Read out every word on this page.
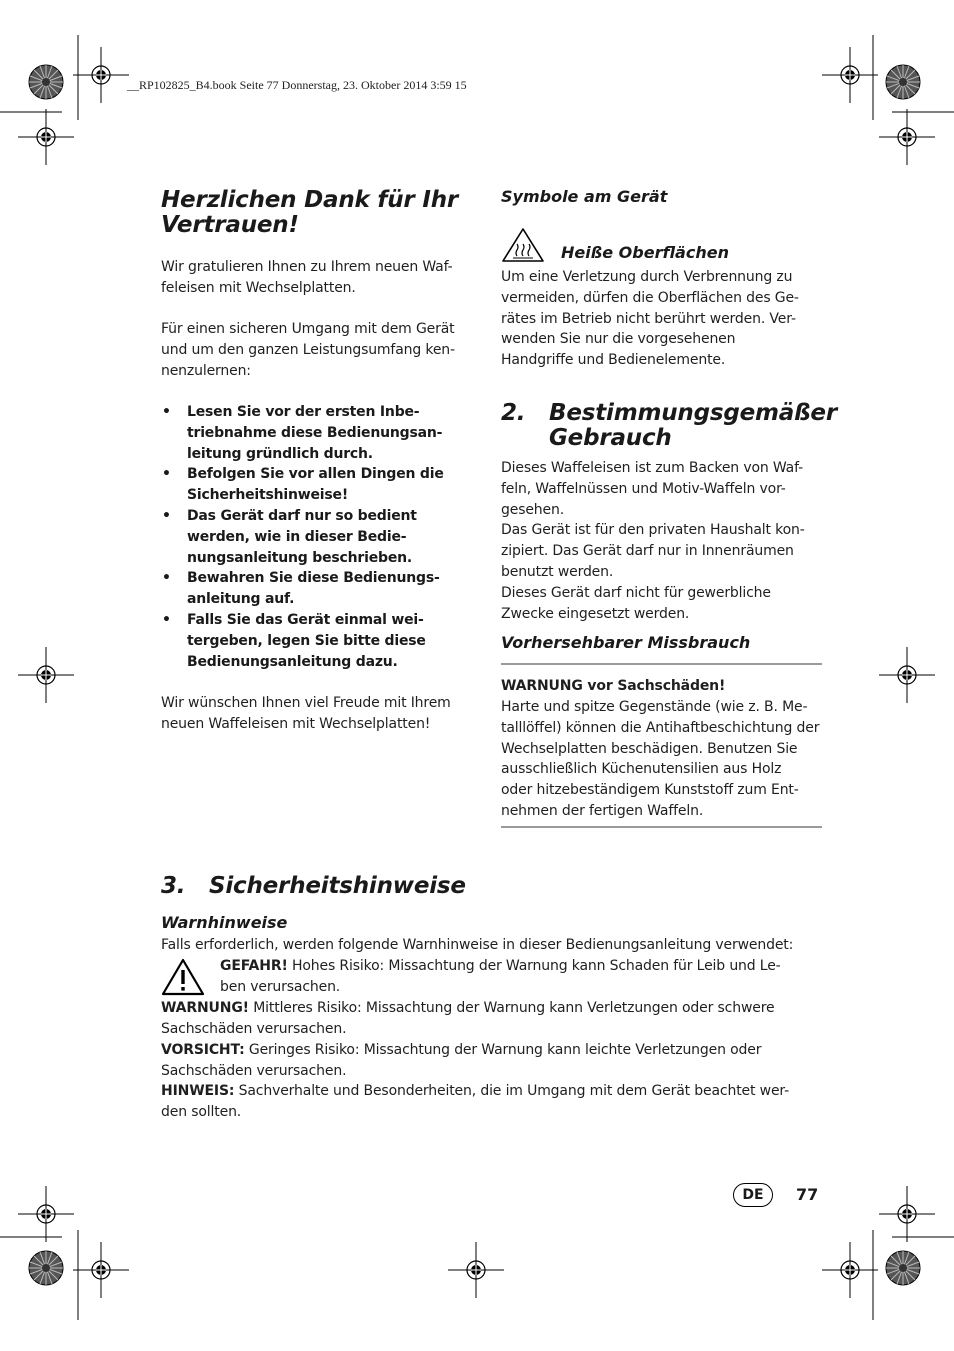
__RP102825_B4.book Seite 77 Donnerstag, 23. Oktober 2014 3:59 15
Herzlichen Dank für Ihr
Vertrauen!
Wir gratulieren Ihnen zu Ihrem neuen Waf-
feleisen mit Wechselplatten.
Für einen sicheren Umgang mit dem Gerät
und um den ganzen Leistungsumfang ken-
nenzulernen:
• Lesen Sie vor der ersten Inbe-
triebnahme diese Bedienungsan-
leitung gründlich durch.
• Befolgen Sie vor allen Dingen die
Sicherheitshinweise!
• Das Gerät darf nur so bedient
werden, wie in dieser Bedie-
nungsanleitung beschrieben.
• Bewahren Sie diese Bedienungs-
anleitung auf.
• Falls Sie das Gerät einmal wei-
tergeben, legen Sie bitte diese
Bedienungsanleitung dazu.
Wir wünschen Ihnen viel Freude mit Ihrem
neuen Waffeleisen mit Wechselplatten!
Symbole am Gerät
Heiße Oberflächen
Um eine Verletzung durch Verbrennung zu
vermeiden, dürfen die Oberflächen des Ge-
rätes im Betrieb nicht berührt werden. Ver-
wenden Sie nur die vorgesehenen
Handgriffe und Bedienelemente.
2.	Bestimmungsgemäßer
Gebrauch
Dieses Waffeleisen ist zum Backen von Waf-
feln, Waffelnüssen und Motiv-Waffeln vor-
gesehen.
Das Gerät ist für den privaten Haushalt kon-
zipiert. Das Gerät darf nur in Innenräumen
benutzt werden.
Dieses Gerät darf nicht für gewerbliche
Zwecke eingesetzt werden.
Vorhersehbarer Missbrauch
WARNUNG vor Sachschäden!
Harte und spitze Gegenstände (wie z. B. Me-
talllöffel) können die Antihaftbeschichtung der
Wechselplatten beschädigen. Benutzen Sie
ausschließlich Küchenutensilien aus Holz
oder hitzebeständigem Kunststoff zum Ent-
nehmen der fertigen Waffeln.
3.	Sicherheitshinweise
Warnhinweise
Falls erforderlich, werden folgende Warnhinweise in dieser Bedienungsanleitung verwendet:
GEFAHR! Hohes Risiko: Missachtung der Warnung kann Schaden für Leib und Le-
ben verursachen.
WARNUNG! Mittleres Risiko: Missachtung der Warnung kann Verletzungen oder schwere
Sachschäden verursachen.
VORSICHT: Geringes Risiko: Missachtung der Warnung kann leichte Verletzungen oder
Sachschäden verursachen.
HINWEIS: Sachverhalte und Besonderheiten, die im Umgang mit dem Gerät beachtet wer-
den sollten.
DE	77
